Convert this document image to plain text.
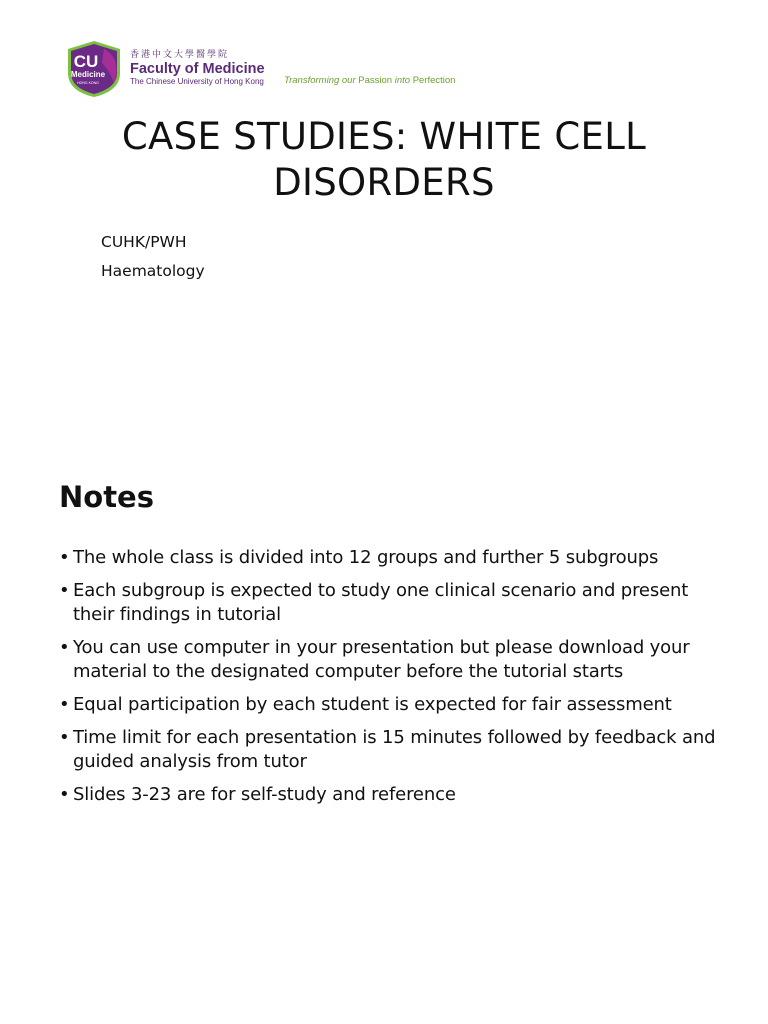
CU
Medicine
HONG KONG
香港中文大學醫學院
Faculty of Medicine
The Chinese University of Hong Kong	Transforming our Passion into Perfection
CASE STUDIES: WHITE CELL DISORDERS
CUHK/PWH
Haematology
Notes
• The whole class is divided into 12 groups and further 5 subgroups
• Each subgroup is expected to study one clinical scenario and present their findings in tutorial
• You can use computer in your presentation but please download your material to the designated computer before the tutorial starts
• Equal participation by each student is expected for fair assessment
• Time limit for each presentation is 15 minutes followed by feedback and guided analysis from tutor
• Slides 3-23 are for self-study and reference
